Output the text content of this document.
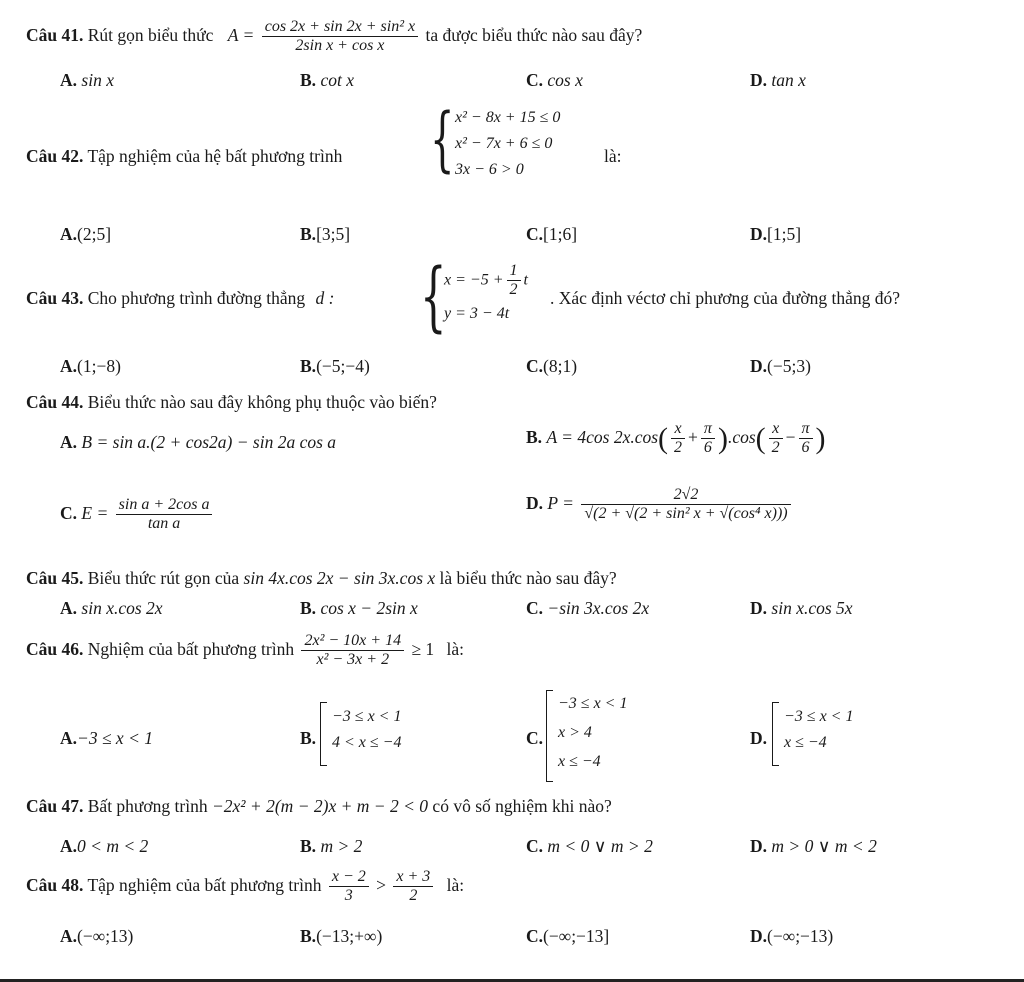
Câu 41. Rút gọn biểu thức $A = \frac{\text{cos 2x + sin 2x + sin² x}}{\text{2sin x + cos x}}$ ta được biểu thức nào sau đây?
A. sin x	B. cot x	C. cos x	D. tan x
Câu 42. Tập nghiệm của hệ bất phương trình { x² − 8x + 15 ≤ 0
x² − 7x + 6 ≤ 0
3x − 6 > 0
là:
A.(2;5]	B.[3;5]	C.[1;6]	D.[1;5]
Câu 43. Cho phương trình đường thẳng d : {
$x = -5 + \frac{1}{2}$ t
y = 3 − 4t
. Xác định véctơ chỉ phương của đường thẳng đó?
A.(1;−8)	B.(−5;−4)	C.(8;1)	D.(−5;3)
Câu 44. Biểu thức nào sau đây không phụ thuộc vào biến?
A. B = sin a.(2 + cos2a) − sin 2a cos a	B. A = 4cos $2x.\cos( \frac{x}{2} + \frac{\pi}{6} ).\cos( \frac{x}{2} - \frac{\pi}{6}$ )
C. $E = \frac{\text{sin a + 2cos a}}{\text{tan a}}$	D. $P = \frac{2√2}{\text{√(2 + √(2 + sin² x + √(cos⁴ x)))}}$
Câu 45. Biểu thức rút gọn của sin 4x.cos 2x − sin 3x.cos x là biểu thức nào sau đây?
A. sin x.cos 2x	B. cos x − 2sin x	C. −sin 3x.cos 2x	D. sin x.cos 5x
Câu 46. Nghiệm của bất phương trình $\frac{\text{2x² − 10x + 14}}{\text{x² − 3x + 2}} \ge 1$ là:
A.−3 ≤ x < 1	B.
−3 ≤ x < 1
4 < x ≤ −4	C.
−3 ≤ x < 1
x > 4
x ≤ −4
D.
−3 ≤ x < 1
x ≤ −4
Câu 47. Bất phương trình −2x² + 2(m − 2)x + m − 2 < 0 có vô số nghiệm khi nào?
A.0 < m < 2	B. m > 2	C. m < 0 ∨ m > 2	D. m > 0 ∨ m < 2
Câu 48. Tập nghiệm của bất phương trình $\frac{x - 2}{3} > \frac{x + 3}{2}$ là:
A.(−∞;13)	B.(−13;+∞)	C.(−∞;−13]	D.(−∞;−13)
